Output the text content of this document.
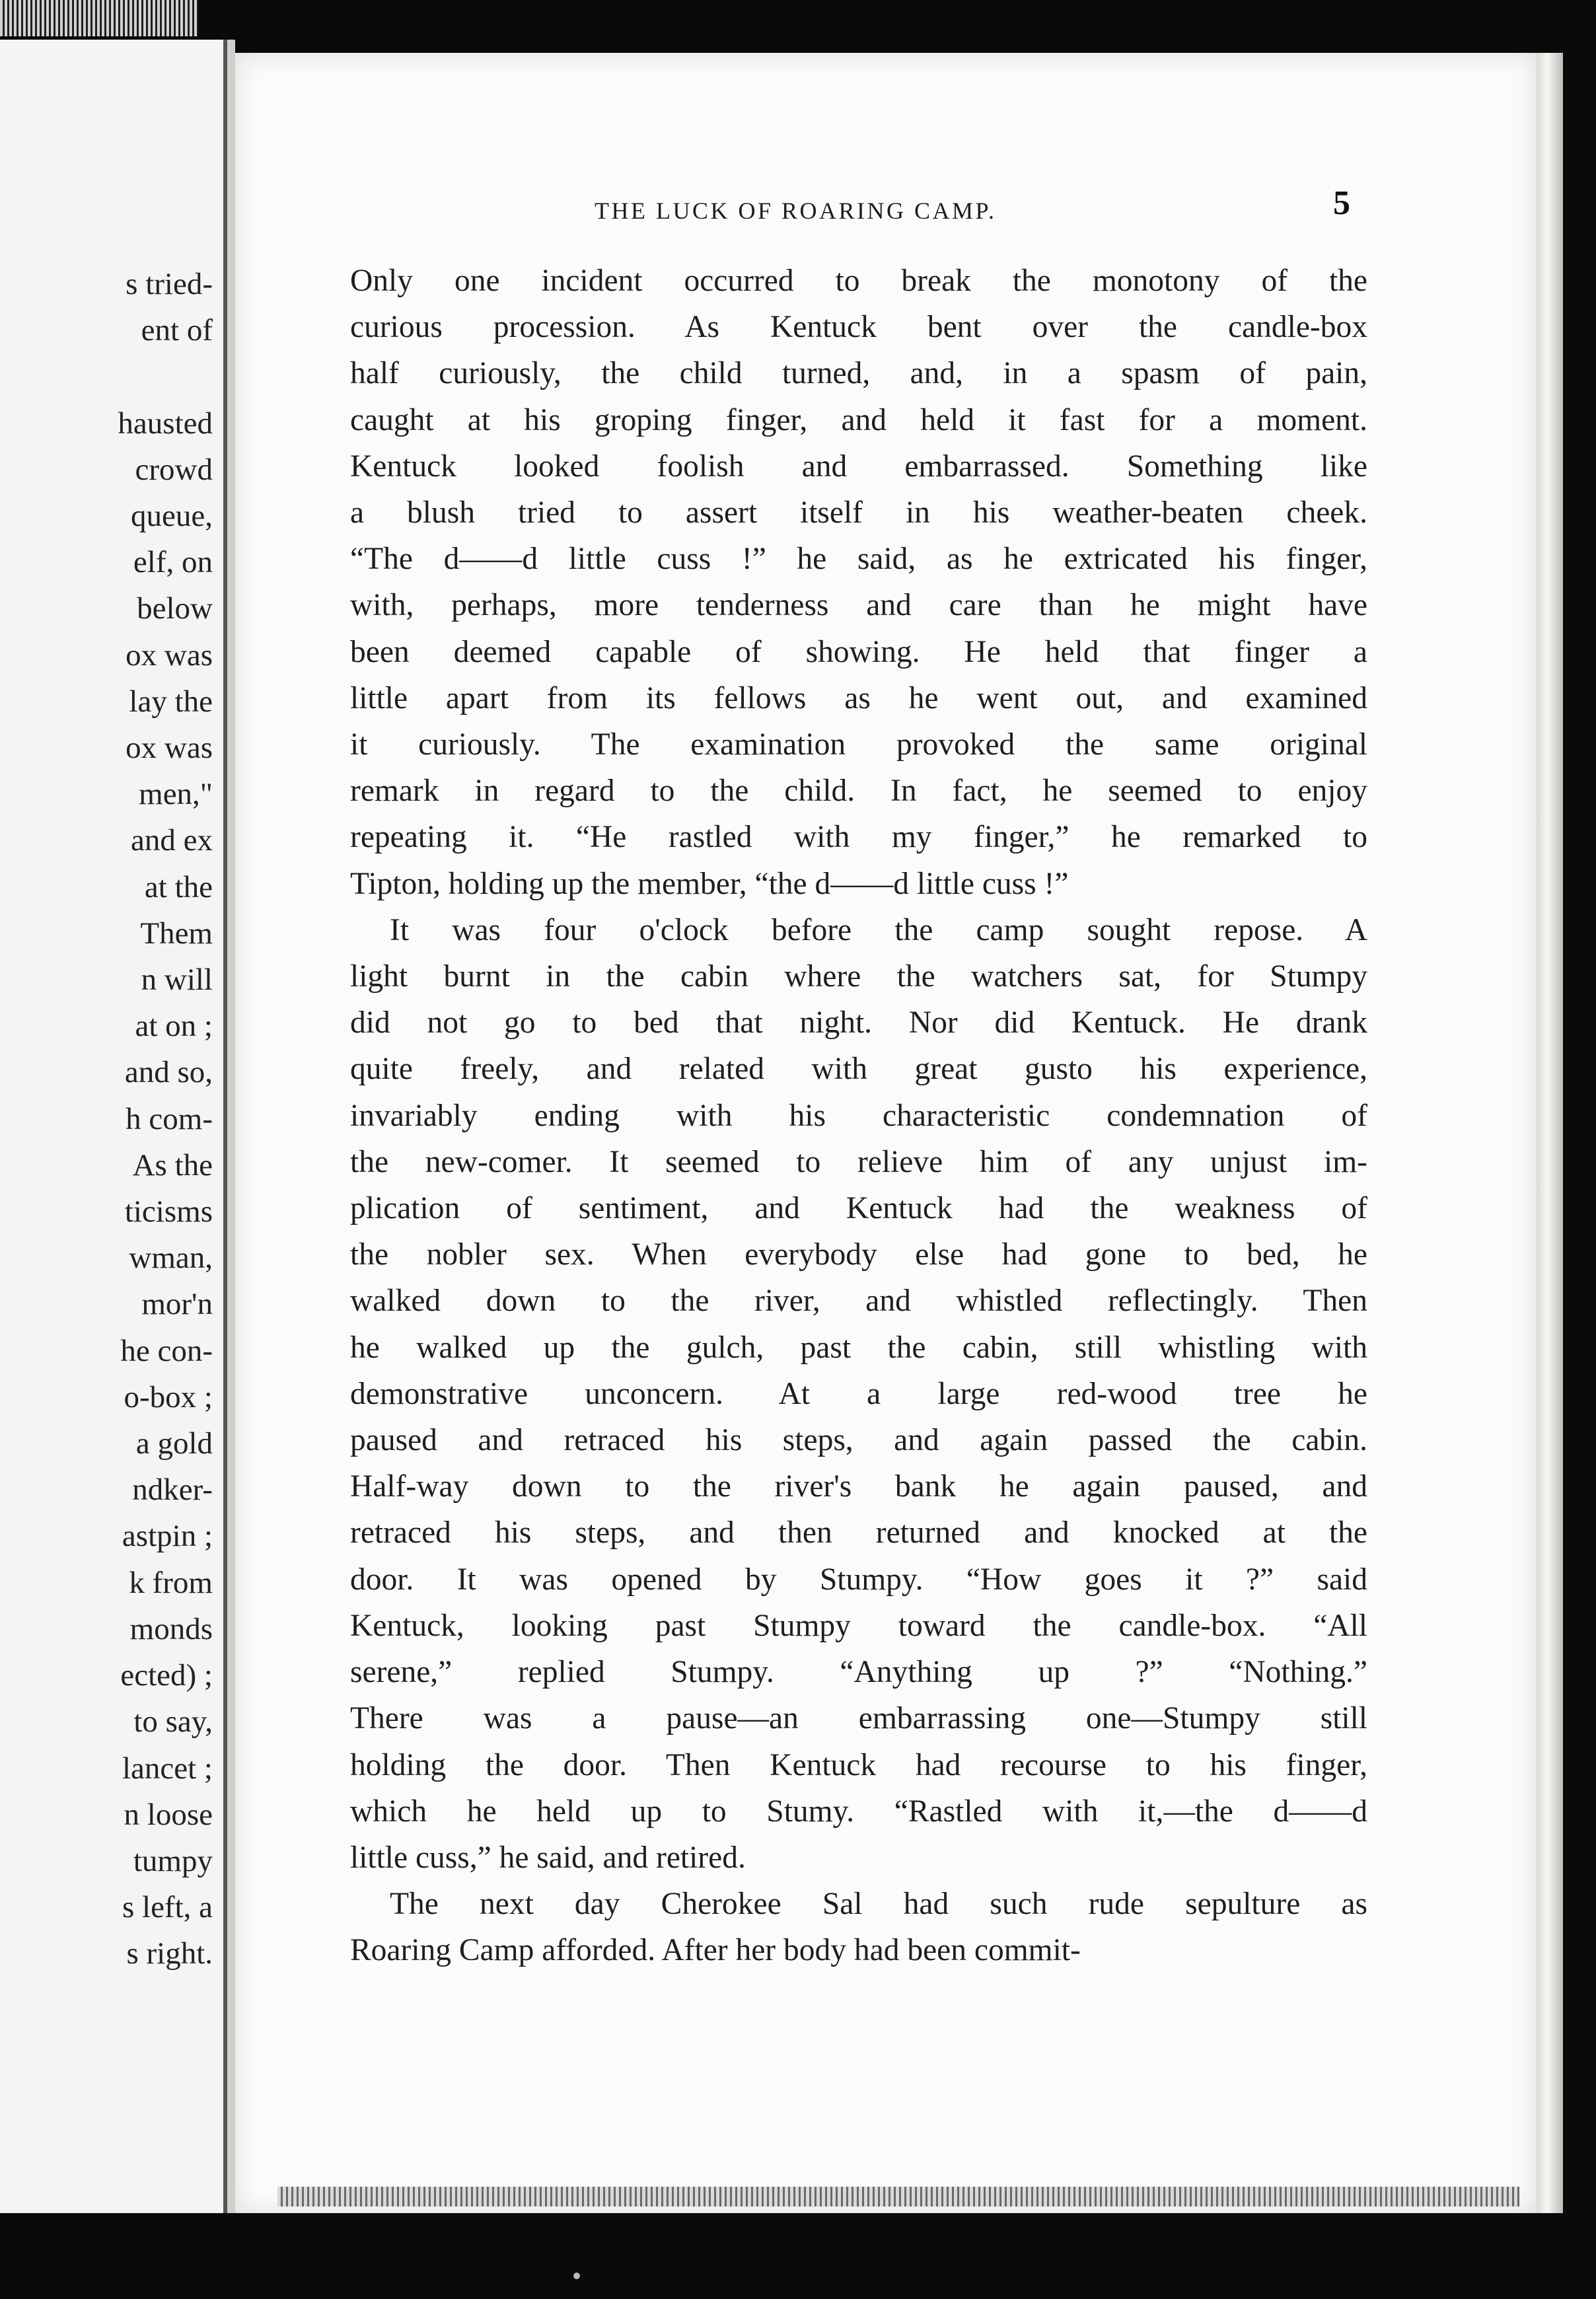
s tried-
ent of

hausted
crowd
queue,
elf, on
below
ox was
lay the
ox was
men,"
and ex
at the
Them
n will
at on ;
and so,
h com-
As the
ticisms
wman,
mor'n
he con-
o-box ;
a gold
ndker-
astpin ;
k from
monds
ected) ;
to say,
lancet ;
n loose
tumpy
s left, a
s right.
THE LUCK OF ROARING CAMP.	5
Only one incident occurred to break the monotony of the
curious procession. As Kentuck bent over the candle-box
half curiously, the child turned, and, in a spasm of pain,
caught at his groping finger, and held it fast for a moment.
Kentuck looked foolish and embarrassed. Something like
a blush tried to assert itself in his weather-beaten cheek.
“The d——d little cuss !” he said, as he extricated his finger,
with, perhaps, more tenderness and care than he might have
been deemed capable of showing. He held that finger a
little apart from its fellows as he went out, and examined
it curiously. The examination provoked the same original
remark in regard to the child. In fact, he seemed to enjoy
repeating it. “He rastled with my finger,” he remarked to
Tipton, holding up the member, “the d——d little cuss !”
It was four o'clock before the camp sought repose. A
light burnt in the cabin where the watchers sat, for Stumpy
did not go to bed that night. Nor did Kentuck. He drank
quite freely, and related with great gusto his experience,
invariably ending with his characteristic condemnation of
the new-comer. It seemed to relieve him of any unjust im-
plication of sentiment, and Kentuck had the weakness of
the nobler sex. When everybody else had gone to bed, he
walked down to the river, and whistled reflectingly. Then
he walked up the gulch, past the cabin, still whistling with
demonstrative unconcern. At a large red-wood tree he
paused and retraced his steps, and again passed the cabin.
Half-way down to the river's bank he again paused, and
retraced his steps, and then returned and knocked at the
door. It was opened by Stumpy. “How goes it ?” said
Kentuck, looking past Stumpy toward the candle-box. “All
serene,” replied Stumpy. “Anything up ?” “Nothing.”
There was a pause—an embarrassing one—Stumpy still
holding the door. Then Kentuck had recourse to his finger,
which he held up to Stumy. “Rastled with it,—the d——d
little cuss,” he said, and retired.
The next day Cherokee Sal had such rude sepulture as
Roaring Camp afforded. After her body had been commit-
